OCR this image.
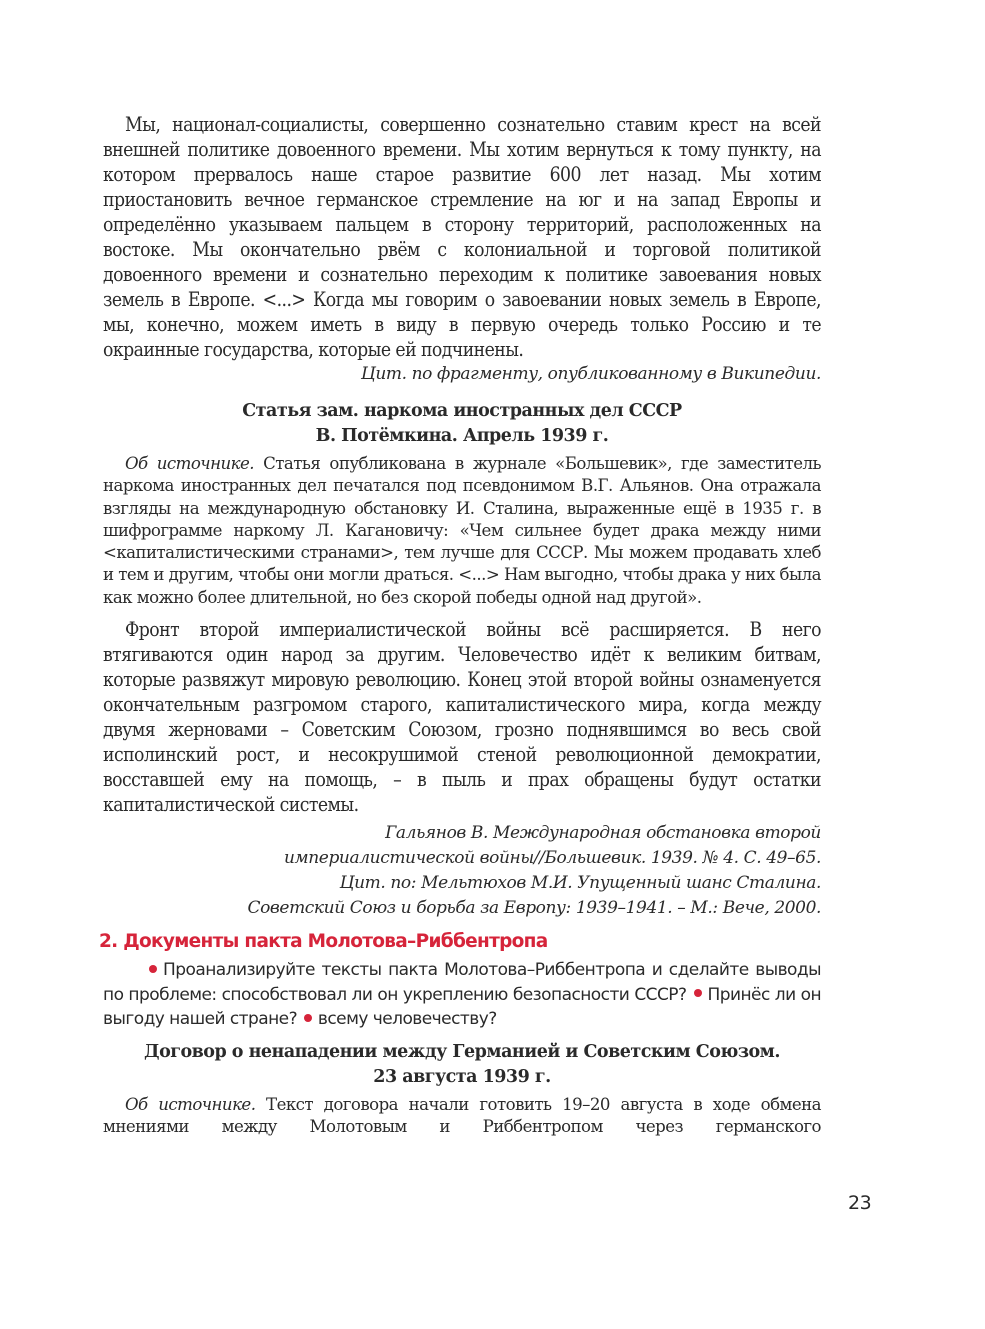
Мы, национал-социалисты, совершенно сознательно ставим крест на всей внешней политике довоенного времени. Мы хотим вернуться к тому пункту, на котором прервалось наше старое развитие 600 лет назад. Мы хотим приостановить вечное германское стремление на юг и на запад Европы и определённо указываем пальцем в сторону территорий, расположенных на востоке. Мы окончательно рвём с колониальной и торговой политикой довоенного времени и сознательно переходим к политике завоевания новых земель в Европе. <...> Когда мы говорим о завоевании новых земель в Европе, мы, конечно, можем иметь в виду в первую очередь только Россию и те окраинные государства, которые ей подчинены.

Цит. по фрагменту, опубликованному в Википедии.

Статья зам. наркома иностранных дел СССР

В. Потёмкина. Апрель 1939 г.

Об источнике. Статья опубликована в журнале «Большевик», где заместитель наркома иностранных дел печатался под псевдонимом В.Г. Альянов. Она отражала взгляды на международную обстановку И. Сталина, выраженные ещё в 1935 г. в шифрограмме наркому Л. Кагановичу: «Чем сильнее будет драка между ними <капиталистическими странами>, тем лучше для СССР. Мы можем продавать хлеб и тем и другим, чтобы они могли драться. <...> Нам выгодно, чтобы драка у них была как можно более длительной, но без скорой победы одной над другой».

Фронт второй империалистической войны всё расширяется. В него втягиваются один народ за другим. Человечество идёт к великим битвам, которые развяжут мировую революцию. Конец этой второй войны ознаменуется окончательным разгромом старого, капиталистического мира, когда между двумя жерновами – Советским Союзом, грозно поднявшимся во весь свой исполинский рост, и несокрушимой стеной революционной демократии, восставшей ему на помощь, – в пыль и прах обращены будут остатки капиталистической системы.

Гальянов В. Международная обстановка второй

империалистической войны//Большевик. 1939. № 4. С. 49–65.

Цит. по: Мельтюхов М.И. Упущенный шанс Сталина.

Советский Союз и борьба за Европу: 1939–1941. – М.: Вече, 2000.

2. Документы пакта Молотова–Риббентропа

Проанализируйте тексты пакта Молотова–Риббентропа и сделайте выводы по проблеме: способствовал ли он укреплению безопасности СССР? Принёс ли он выгоду нашей стране? всему человечеству?

Договор о ненападении между Германией и Советским Союзом.

23 августа 1939 г.

Об источнике. Текст договора начали готовить 19–20 августа в ходе обмена мнениями между Молотовым и Риббентропом через германского

23
